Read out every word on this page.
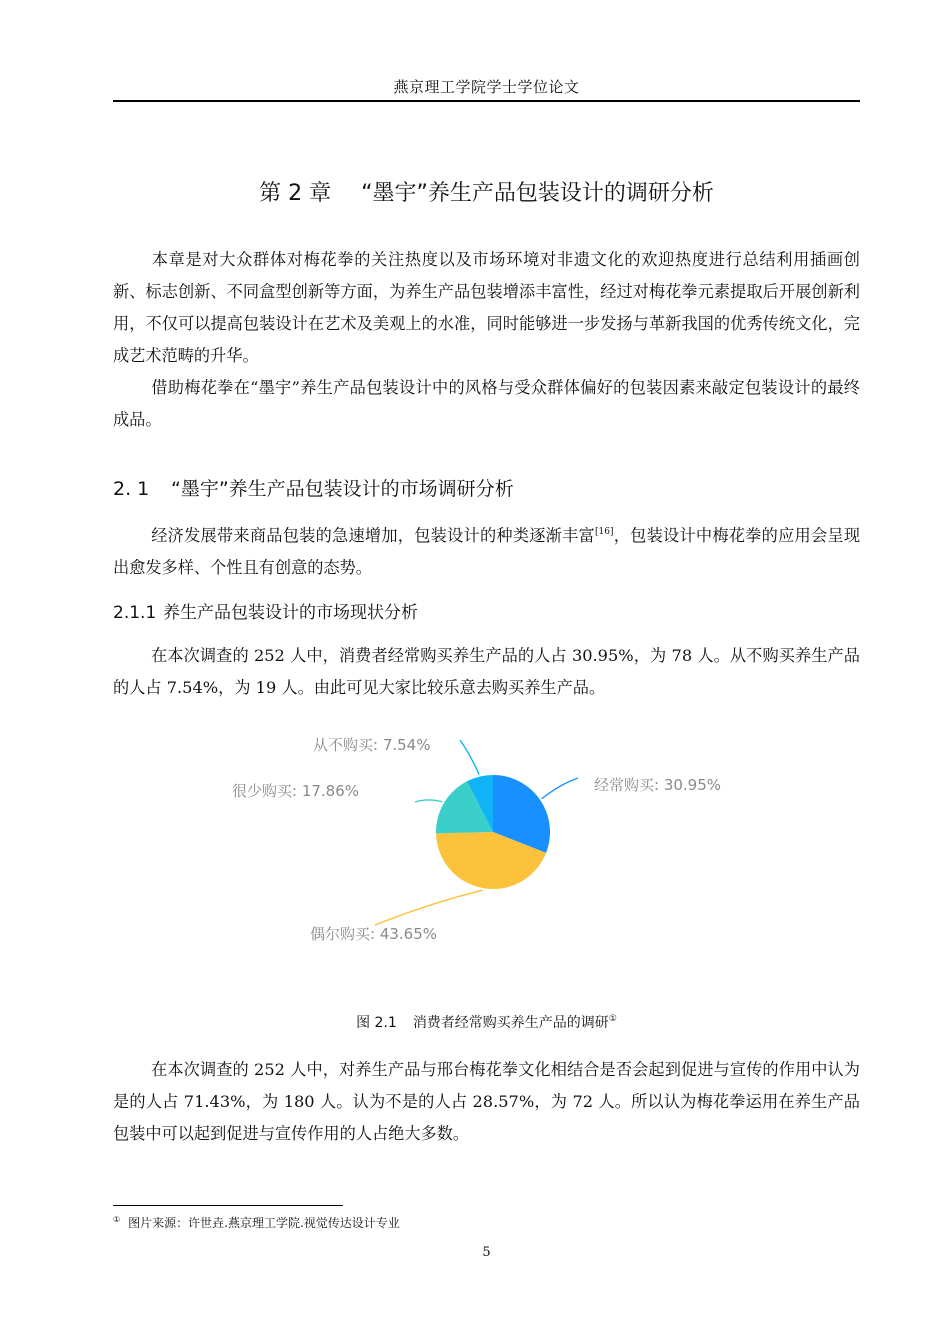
燕京理工学院学士学位论文
第 2 章 “墨宇”养生产品包装设计的调研分析

本章是对大众群体对梅花拳的关注热度以及市场环境对非遗文化的欢迎热度进行总结利用插画创新、标志创新、不同盒型创新等方面，为养生产品包装增添丰富性，经过对梅花拳元素提取后开展创新利用，不仅可以提高包装设计在艺术及美观上的水准，同时能够进一步发扬与革新我国的优秀传统文化，完成艺术范畴的升华。

借助梅花拳在“墨宇”养生产品包装设计中的风格与受众群体偏好的包装因素来敲定包装设计的最终成品。

2. 1 “墨宇”养生产品包装设计的市场调研分析

经济发展带来商品包装的急速增加，包装设计的种类逐渐丰富[16]，包装设计中梅花拳的应用会呈现出愈发多样、个性且有创意的态势。

2.1.1 养生产品包装设计的市场现状分析

在本次调查的 252 人中，消费者经常购买养生产品的人占 30.95%，为 78 人。从不购买养生产品的人占 7.54%，为 19 人。由此可见大家比较乐意去购买养生产品。

经常购买: 30.95%
偶尔购买: 43.65%
很少购买: 17.86%
从不购买: 7.54%
图 2.1 消费者经常购买养生产品的调研①

在本次调查的 252 人中，对养生产品与邢台梅花拳文化相结合是否会起到促进与宣传的作用中认为是的人占 71.43%，为 180 人。认为不是的人占 28.57%，为 72 人。所以认为梅花拳运用在养生产品包装中可以起到促进与宣传作用的人占绝大多数。

① 图片来源：许世垚.燕京理工学院.视觉传达设计专业
5
